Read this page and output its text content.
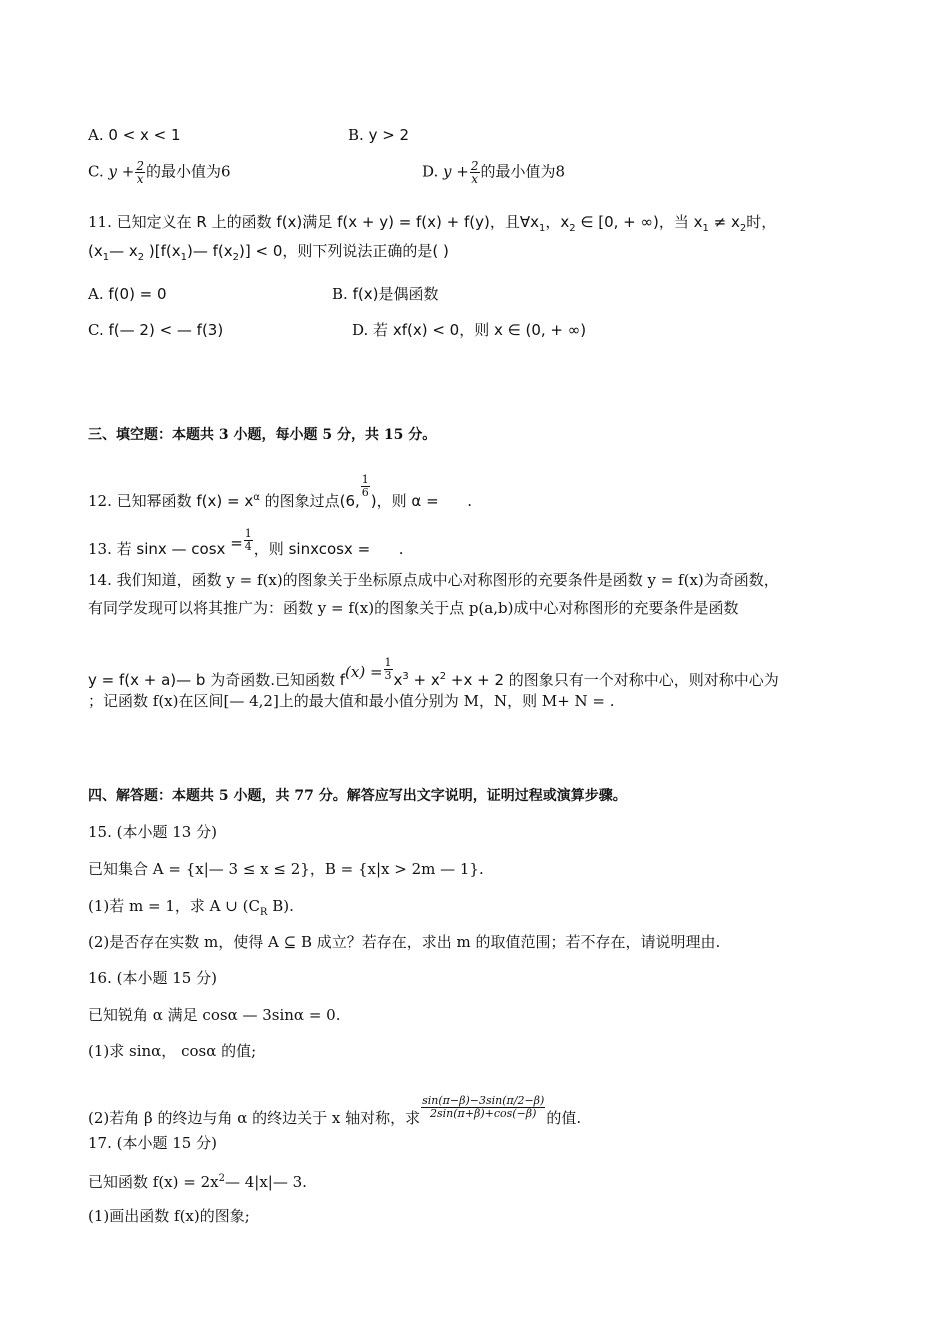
A. 0 < x < 1	B. y > 2
C. $y + \frac{2}{x}$ 的最小值为6	D. $y + \frac{2}{x}$ 的最小值为8
11. 已知定义在 R 上的函数 f(x)满足 f(x + y) = f(x) + f(y)，且$\forall x_1$，$x_2$ ∈ [0, + ∞)，当 $x_1 \ne x_2$时，
($x_1—$ $x_2$ )[$f(x_1)—$ $f(x_2)] < 0$，则下列说法正确的是( )
A. f(0) = 0	B. f(x)是偶函数
C. f(— 2) < — f(3)	D. 若 xf(x) < 0，则 x ∈ (0, + ∞)
三、填空题：本题共 3 小题，每小题 5 分，共 15 分。
12. 已知幂函数 $f(x) = x^\alpha$ 的图象过点(6,
$\frac{1}{6}$
)，则 α = .
13. 若 sinx — $\cos x = \frac{1}{4}$ ，则 sinxcosx = .
14. 我们知道，函数 y = f(x)的图象关于坐标原点成中心对称图形的充要条件是函数 y = f(x)为奇函数，
有同学发现可以将其推广为：函数 y = f(x)的图象关于点 p(a,b)成中心对称图形的充要条件是函数
y = f(x + a)— b 为奇函数.已知函数 $f(x) = \frac{1}{3} x^3 + x^2 +x + 2$ 的图象只有一个对称中心，则对称中心为
；记函数 f(x)在区间[— 4,2]上的最大值和最小值分别为 M，N，则 M+ N = .
四、解答题：本题共 5 小题，共 77 分。解答应写出文字说明，证明过程或演算步骤。
15. (本小题 13 分)
已知集合 A = {x|— 3 ≤ x ≤ 2}，B = {x|x > 2m — 1}.
(1)若 m = 1，求 A ∪ ($C_R$ B).
(2)是否存在实数 m，使得 A ⊆ B 成立？若存在，求出 m 的取值范围；若不存在，请说明理由.
16. (本小题 15 分)
已知锐角 α 满足 cosα — 3sinα = 0.
(1)求 sinα， cosα 的值;
(2)若角 β 的终边与角 α 的终边关于 x 轴对称，求 $\frac{\sin(\pi-\beta)-3\sin(\pi/2-\beta)}{2\sin(\pi+\beta)+\cos(-\beta)}$ 的值.
17. (本小题 15 分)
已知函数 $f(x) = 2x^2—$ 4|x|— 3.
(1)画出函数 f(x)的图象;
